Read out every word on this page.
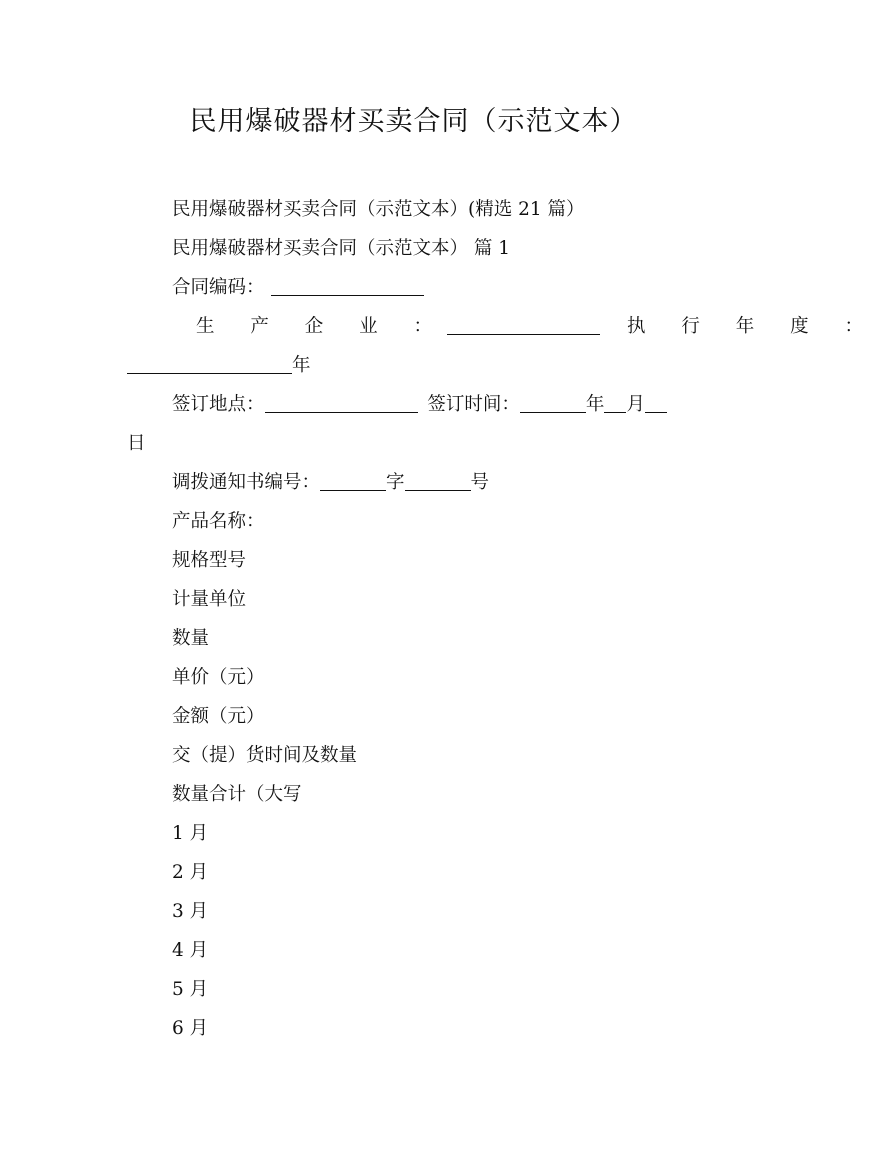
民用爆破器材买卖合同（示范文本）
民用爆破器材买卖合同（示范文本）(精选 21 篇）
民用爆破器材买卖合同（示范文本） 篇 1
合同编码：
生 产 企 业 ：	执 行 年 度 ：
年
签订地点：	签订时间：	年 月
日
调拨通知书编号：	字	号
产品名称：
规格型号
计量单位
数量
单价（元）
金额（元）
交（提）货时间及数量
数量合计（大写
1 月
2 月
3 月
4 月
5 月
6 月
